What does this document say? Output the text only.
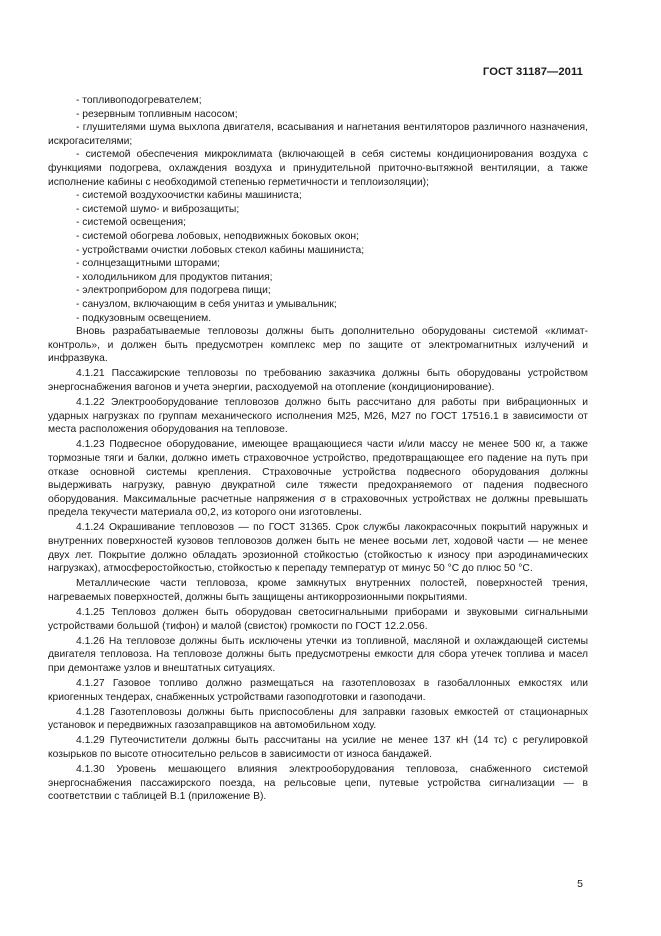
ГОСТ 31187—2011

- топливоподогревателем;

- резервным топливным насосом;

- глушителями шума выхлопа двигателя, всасывания и нагнетания вентиляторов различного назначения, искрогасителями;

- системой обеспечения микроклимата (включающей в себя системы кондиционирования воздуха с функциями подогрева, охлаждения воздуха и принудительной приточно-вытяжной вентиляции, а также исполнение кабины с необходимой степенью герметичности и теплоизоляции);

- системой воздухоочистки кабины машиниста;

- системой шумо- и виброзащиты;

- системой освещения;

- системой обогрева лобовых, неподвижных боковых окон;

- устройствами очистки лобовых стекол кабины машиниста;

- солнцезащитными шторами;

- холодильником для продуктов питания;

- электроприбором для подогрева пищи;

- санузлом, включающим в себя унитаз и умывальник;

- подкузовным освещением.

Вновь разрабатываемые тепловозы должны быть дополнительно оборудованы системой «климат-контроль», и должен быть предусмотрен комплекс мер по защите от электромагнитных излучений и инфразвука.

4.1.21 Пассажирские тепловозы по требованию заказчика должны быть оборудованы устройством энергоснабжения вагонов и учета энергии, расходуемой на отопление (кондиционирование).

4.1.22 Электрооборудование тепловозов должно быть рассчитано для работы при вибрационных и ударных нагрузках по группам механического исполнения М25, М26, М27 по ГОСТ 17516.1 в зависимости от места расположения оборудования на тепловозе.

4.1.23 Подвесное оборудование, имеющее вращающиеся части и/или массу не менее 500 кг, а также тормозные тяги и балки, должно иметь страховочное устройство, предотвращающее его падение на путь при отказе основной системы крепления. Страховочные устройства подвесного оборудования должны выдерживать нагрузку, равную двукратной силе тяжести предохраняемого от падения подвесного оборудования. Максимальные расчетные напряжения σ в страховочных устройствах не должны превышать предела текучести материала σ0,2, из которого они изготовлены.

4.1.24 Окрашивание тепловозов — по ГОСТ 31365. Срок службы лакокрасочных покрытий наружных и внутренних поверхностей кузовов тепловозов должен быть не менее восьми лет, ходовой части — не менее двух лет. Покрытие должно обладать эрозионной стойкостью (стойкостью к износу при аэродинамических нагрузках), атмосферостойкостью, стойкостью к перепаду температур от минус 50 °С до плюс 50 °С.

Металлические части тепловоза, кроме замкнутых внутренних полостей, поверхностей трения, нагреваемых поверхностей, должны быть защищены антикоррозионными покрытиями.

4.1.25 Тепловоз должен быть оборудован светосигнальными приборами и звуковыми сигнальными устройствами большой (тифон) и малой (свисток) громкости по ГОСТ 12.2.056.

4.1.26 На тепловозе должны быть исключены утечки из топливной, масляной и охлаждающей системы двигателя тепловоза. На тепловозе должны быть предусмотрены емкости для сбора утечек топлива и масел при демонтаже узлов и внештатных ситуациях.

4.1.27 Газовое топливо должно размещаться на газотепловозах в газобаллонных емкостях или криогенных тендерах, снабженных устройствами газоподготовки и газоподачи.

4.1.28 Газотепловозы должны быть приспособлены для заправки газовых емкостей от стационарных установок и передвижных газозаправщиков на автомобильном ходу.

4.1.29 Путеочистители должны быть рассчитаны на усилие не менее 137 кН (14 тс) с регулировкой козырьков по высоте относительно рельсов в зависимости от износа бандажей.

4.1.30 Уровень мешающего влияния электрооборудования тепловоза, снабженного системой энергоснабжения пассажирского поезда, на рельсовые цепи, путевые устройства сигнализации — в соответствии с таблицей В.1 (приложение В).

5
